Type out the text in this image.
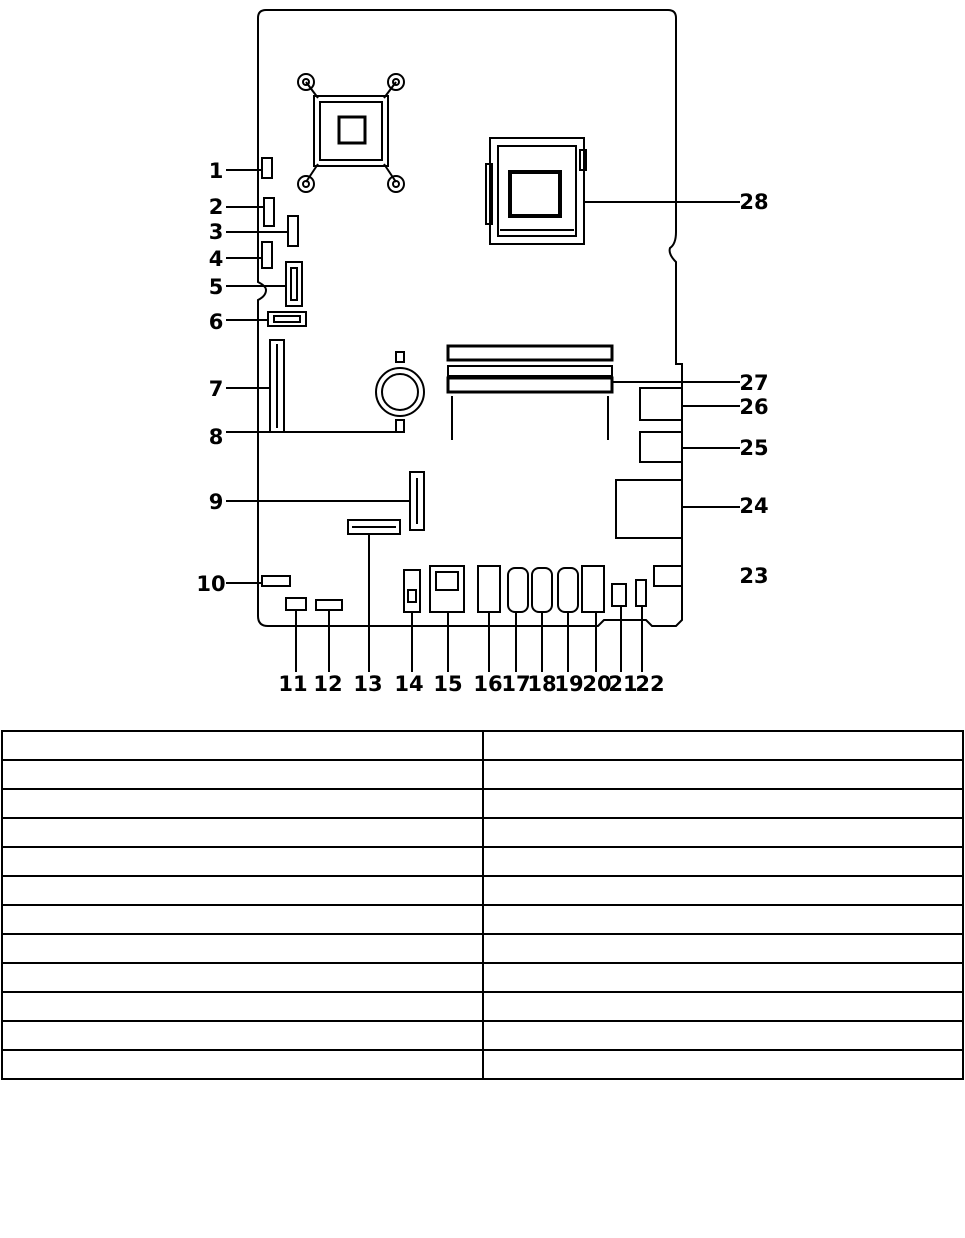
1
2
3
4
5
6
7
8
9
10
11 12 13 14 15 16
17
18
19
20
21
22
23
24
25
26
27
28
